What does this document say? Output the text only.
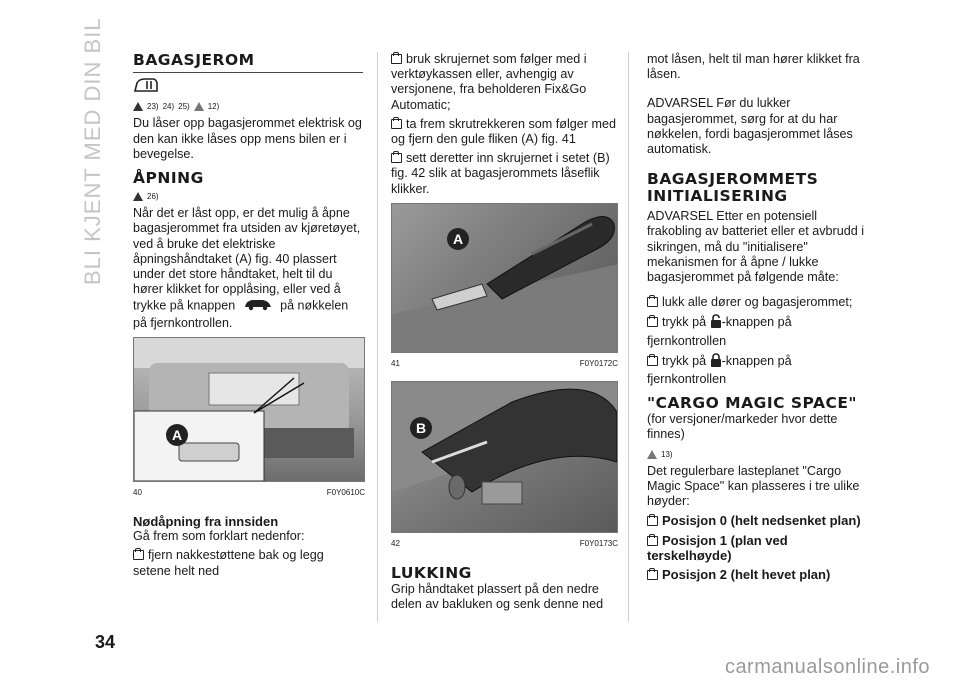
BLI KJENT MED DIN BIL
34
carmanualsonline.info
BAGASJEROM
23) 24) 25) 12)

Du låser opp bagasjerommet elektrisk og den kan ikke låses opp mens bilen er i bevegelse.

ÅPNING
26)

Når det er låst opp, er det mulig å åpne bagasjerommet fra utsiden av kjøretøyet, ved å bruke det elektriske åpningshåndtaket (A) fig. 40 plassert under det store håndtaket, helt til du hører klikket for opplåsing, eller ved å trykke på knappen	på nøkkelen på fjernkontrollen.

A
40	F0Y0610C
Nødåpning fra innsiden

Gå frem som forklart nedenfor:

fjern nakkestøttene bak og legg setene helt ned

bruk skrujernet som følger med i verktøykassen eller, avhengig av versjonene, fra beholderen Fix&Go Automatic;

ta frem skrutrekkeren som følger med og fjern den gule fliken (A) fig. 41

sett deretter inn skrujernet i setet (B) fig. 42 slik at bagasjerommets låseflik klikker.

A
41	F0Y0172C
B
42	F0Y0173C
LUKKING

Grip håndtaket plassert på den nedre delen av bakluken og senk denne ned

mot låsen, helt til man hører klikket fra låsen.

ADVARSEL Før du lukker bagasjerommet, sørg for at du har nøkkelen, fordi bagasjerommet låses automatisk.

BAGASJEROMMETS INITIALISERING

ADVARSEL Etter en potensiell frakobling av batteriet eller et avbrudd i sikringen, må du "initialisere" mekanismen for å åpne / lukke bagasjerommet på følgende måte:

lukk alle dører og bagasjerommet;

trykk på -knappen på fjernkontrollen

trykk på -knappen på fjernkontrollen

"CARGO MAGIC SPACE"

(for versjoner/markeder hvor dette finnes)

13)

Det regulerbare lasteplanet "Cargo Magic Space" kan plasseres i tre ulike høyder:

Posisjon 0 (helt nedsenket plan)

Posisjon 1 (plan ved terskelhøyde)

Posisjon 2 (helt hevet plan)
